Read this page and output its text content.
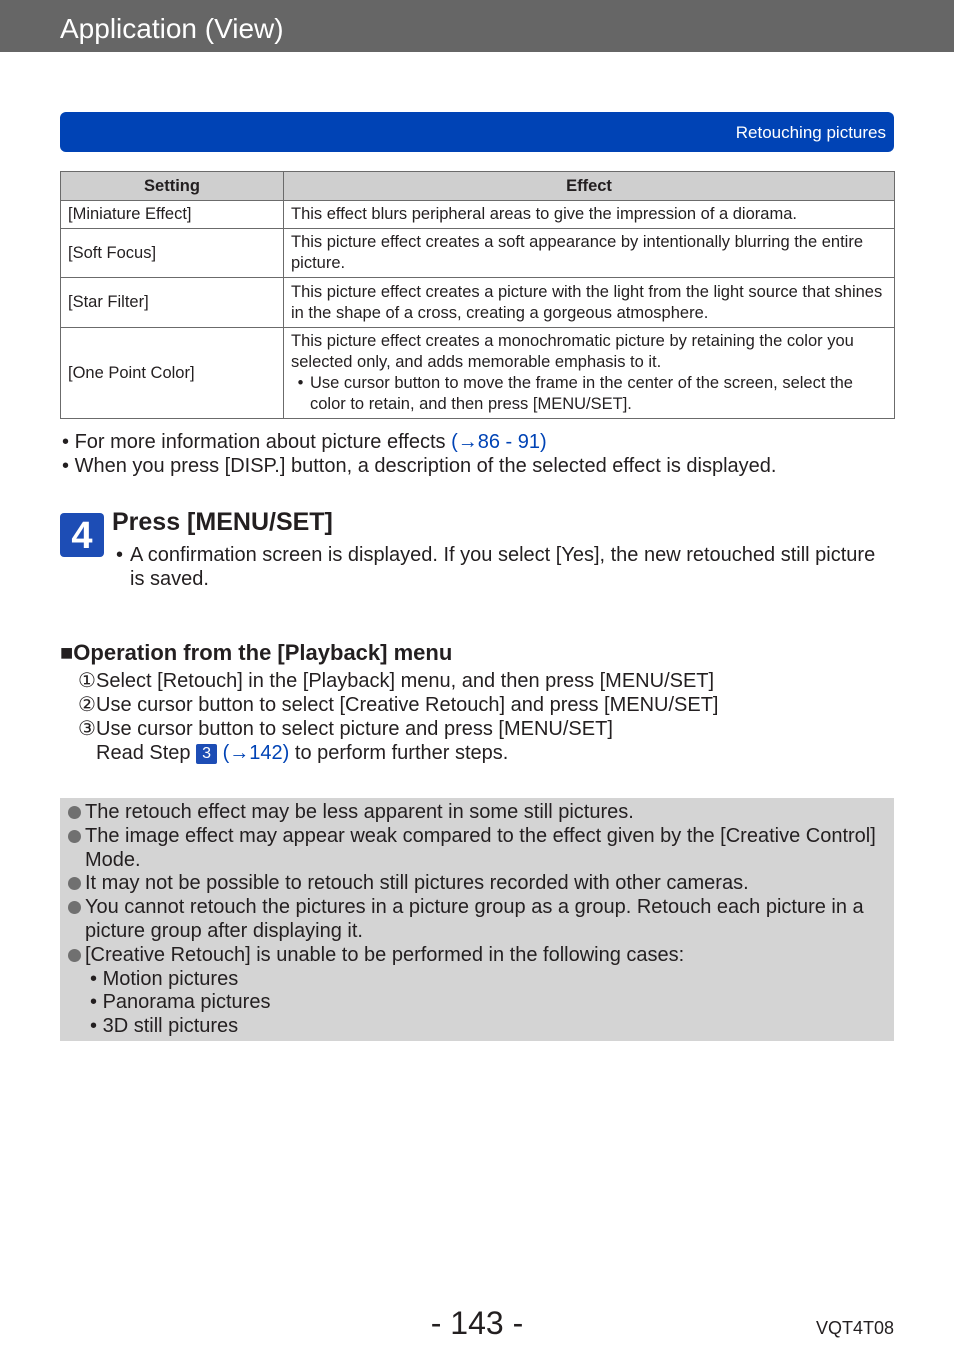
Application (View)
Retouching pictures
Setting	Effect
[Miniature Effect]	This effect blurs peripheral areas to give the impression of a diorama.
[Soft Focus]	This picture effect creates a soft appearance by intentionally blurring the entire picture.
[Star Filter]	This picture effect creates a picture with the light from the light source that shines in the shape of a cross, creating a gorgeous atmosphere.
[One Point Color]	This picture effect creates a monochromatic picture by retaining the color you selected only, and adds memorable emphasis to it.
• Use cursor button to move the frame in the center of the screen, select the color to retain, and then press [MENU/SET].
• For more information about picture effects (→86 - 91)
• When you press [DISP.] button, a description of the selected effect is displayed.
4 Press [MENU/SET]
• A confirmation screen is displayed. If you select [Yes], the new retouched still picture is saved.
■Operation from the [Playback] menu
①Select [Retouch] in the [Playback] menu, and then press [MENU/SET]
②Use cursor button to select [Creative Retouch] and press [MENU/SET]
③Use cursor button to select picture and press [MENU/SET]
Read Step 3 (→142) to perform further steps.
The retouch effect may be less apparent in some still pictures.
The image effect may appear weak compared to the effect given by the [Creative Control] Mode.
It may not be possible to retouch still pictures recorded with other cameras.
You cannot retouch the pictures in a picture group as a group. Retouch each picture in a picture group after displaying it.
[Creative Retouch] is unable to be performed in the following cases:
• Motion pictures
• Panorama pictures
• 3D still pictures
- 143 -	VQT4T08
